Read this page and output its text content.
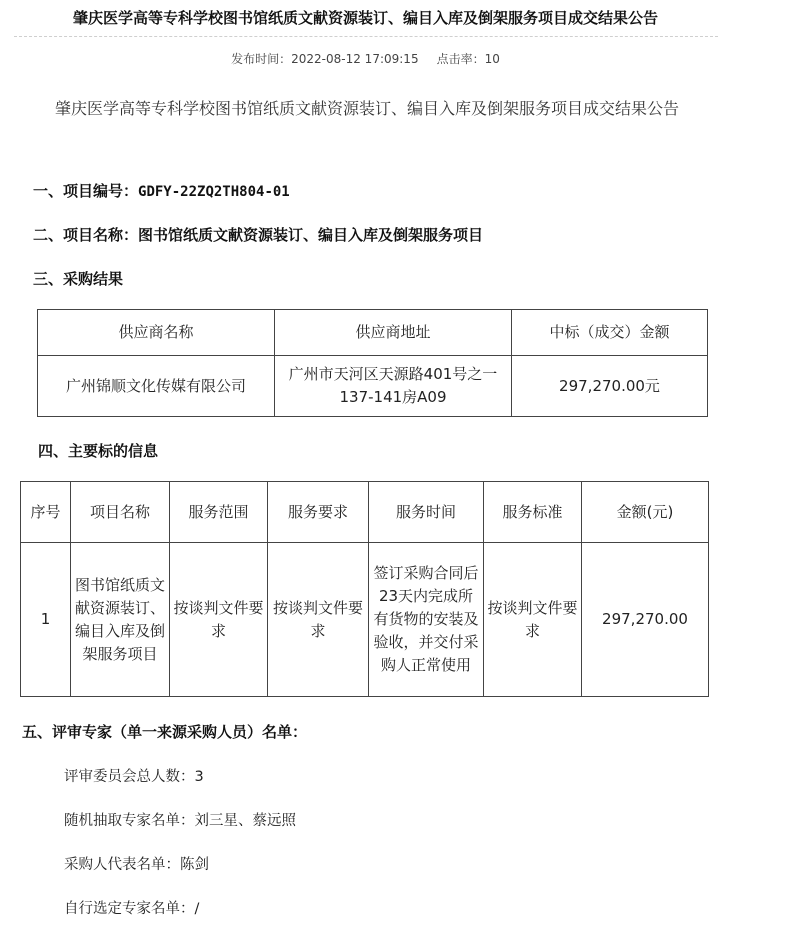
肇庆医学高等专科学校图书馆纸质文献资源装订、编目入库及倒架服务项目成交结果公告
发布时间：2022-08-12 17:09:15 点击率：10
肇庆医学高等专科学校图书馆纸质文献资源装订、编目入库及倒架服务项目成交结果公告
一、项目编号：GDFY-22ZQ2TH804-01
二、项目名称：图书馆纸质文献资源装订、编目入库及倒架服务项目
三、采购结果
供应商名称	供应商地址	中标（成交）金额
广州锦顺文化传媒有限公司	广州市天河区天源路401号之一137-141房A09	297,270.00元
四、主要标的信息
序号	项目名称	服务范围	服务要求	服务时间	服务标准	金额(元)
1	图书馆纸质文献资源装订、编目入库及倒架服务项目	按谈判文件要求	按谈判文件要求	签订采购合同后23天内完成所有货物的安装及验收，并交付采购人正常使用	按谈判文件要求	297,270.00
五、评审专家（单一来源采购人员）名单：
评审委员会总人数：3
随机抽取专家名单：刘三星、蔡远照
采购人代表名单：陈剑
自行选定专家名单：/
